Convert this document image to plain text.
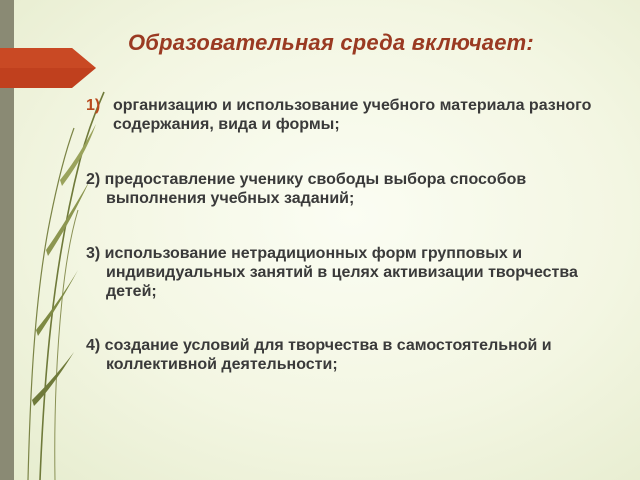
Образовательная среда включает:
1) организацию и использование учебного материала разного содержания, вида и формы;
2) предоставление ученику свободы выбора способов выполнения учебных заданий;
3) использование нетрадиционных форм групповых и индивидуальных занятий в целях активизации творчества детей;
4) создание условий для творчества в самостоятельной и коллективной деятельности;
